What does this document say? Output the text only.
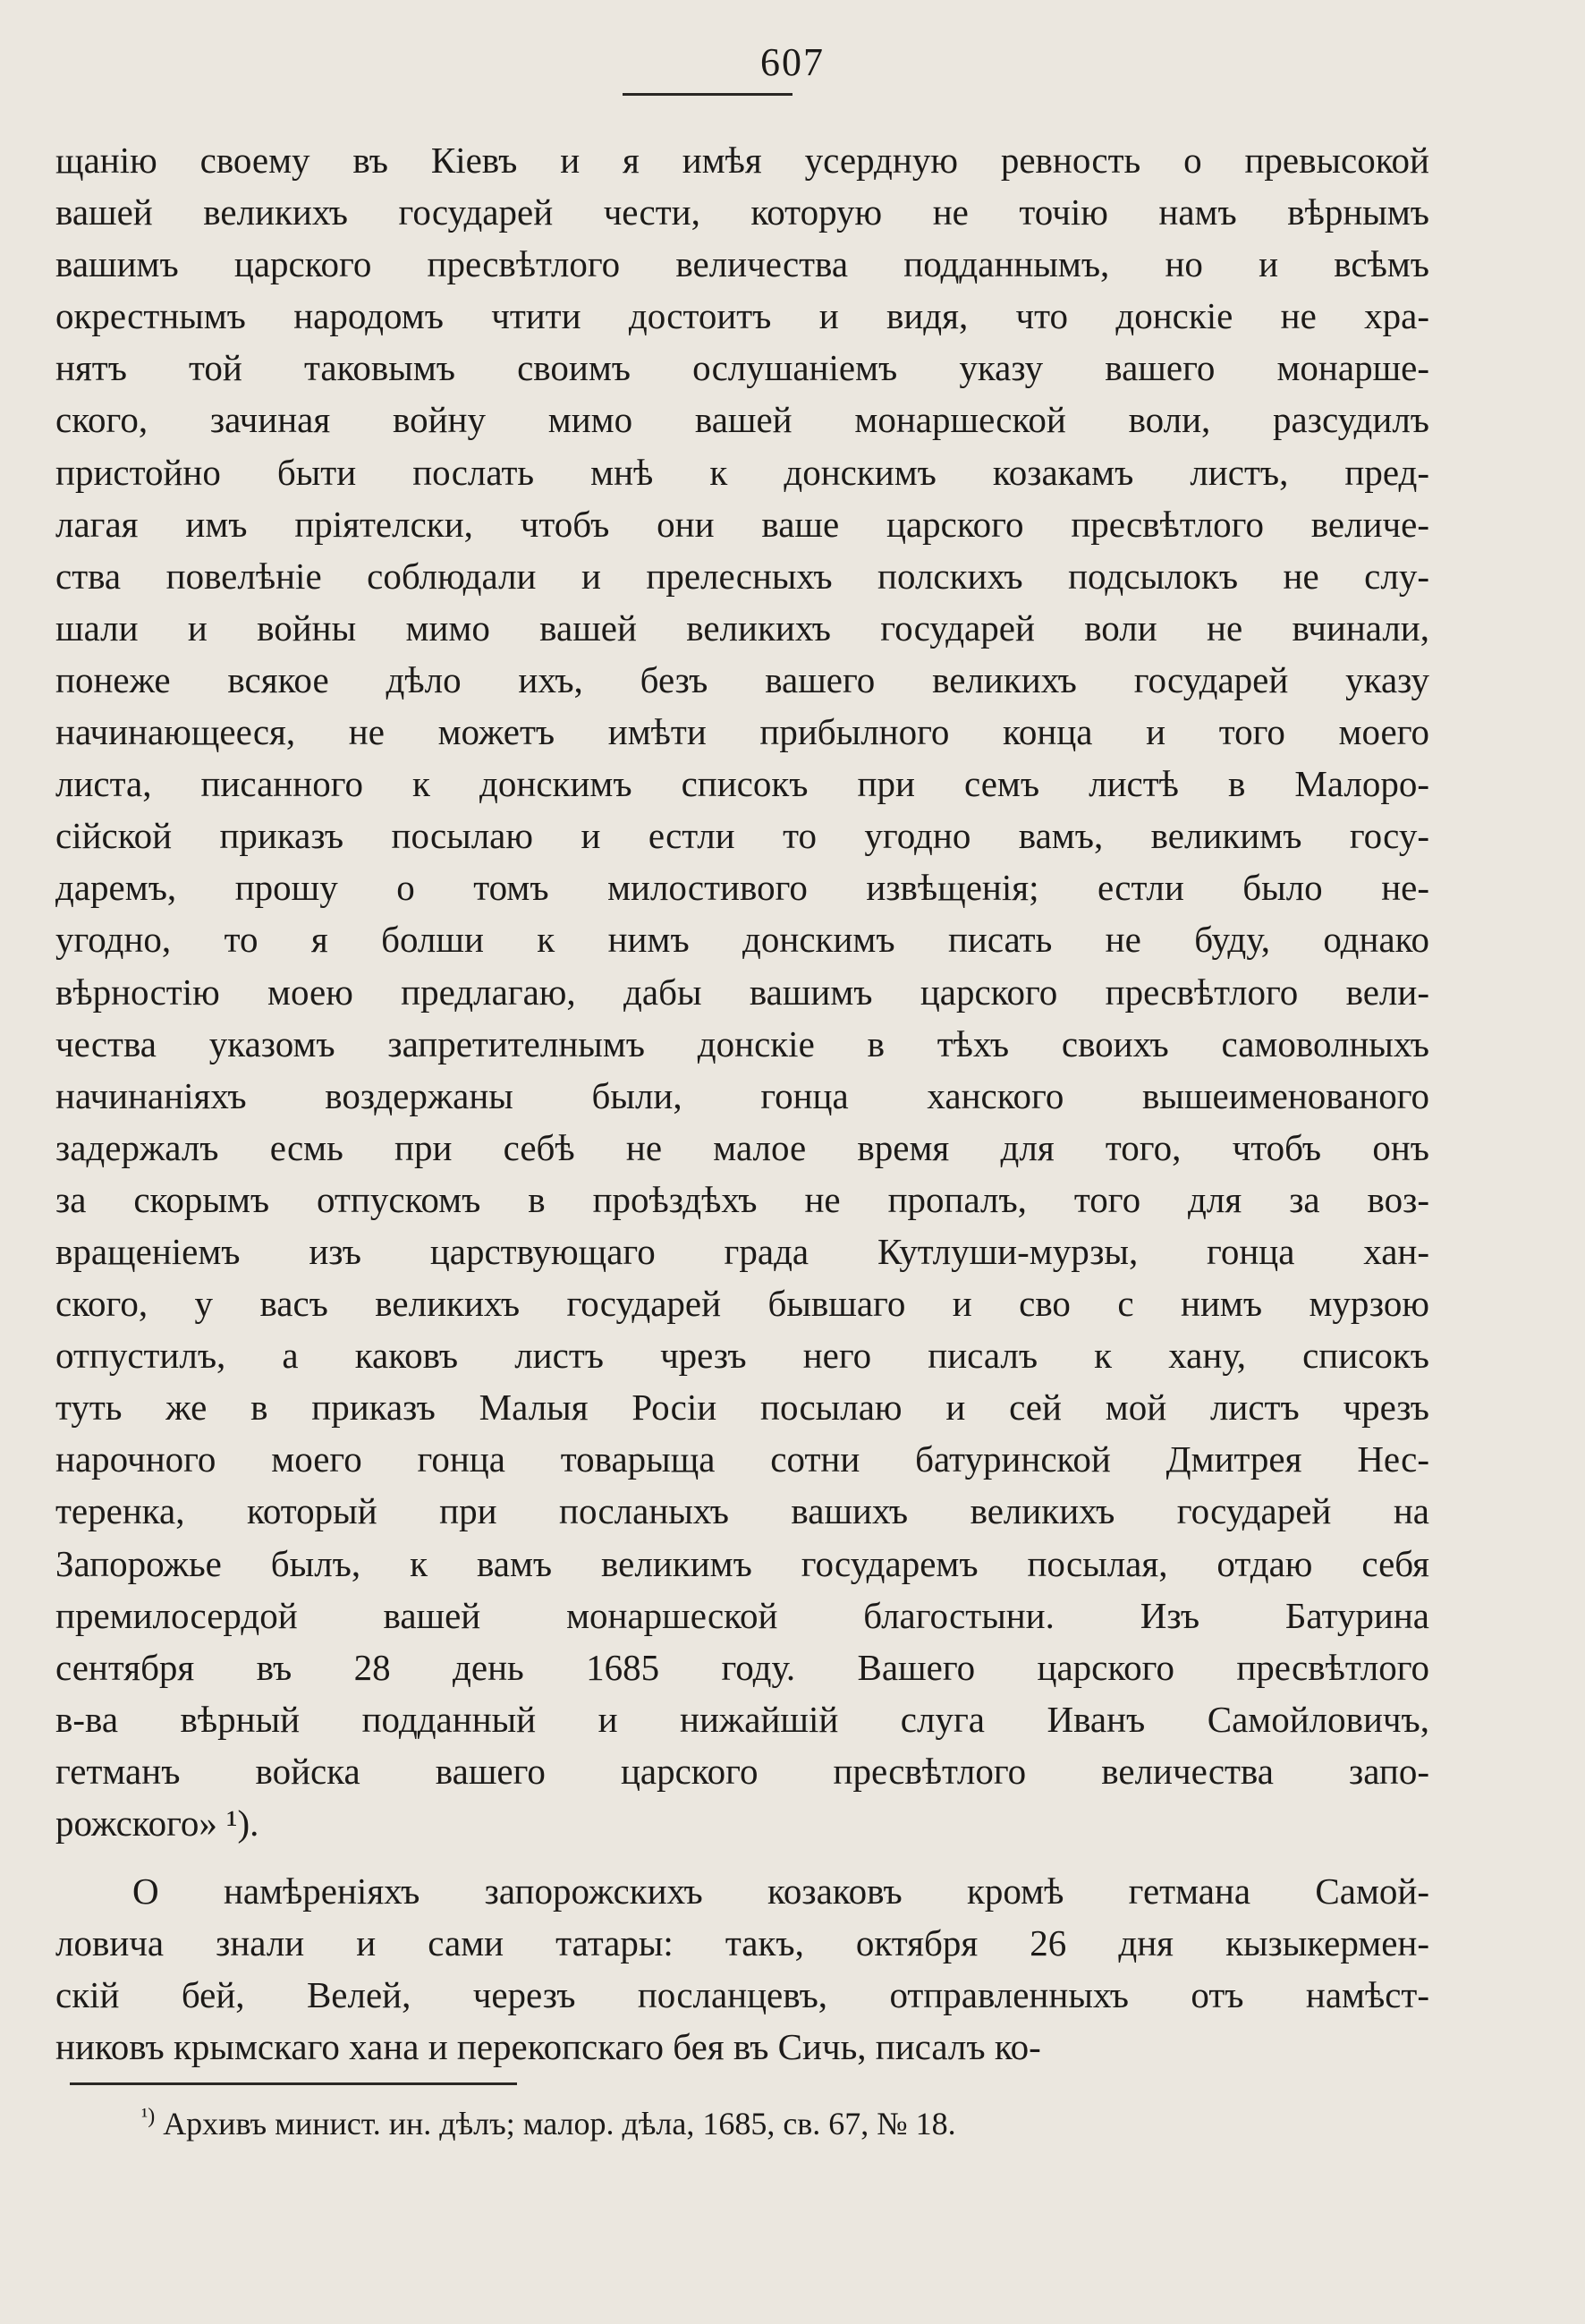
607
щанію своему въ Кіевъ и я имѣя усердную ревность о превысокой
вашей великихъ государей чести, которую не точію намъ вѣрнымъ
вашимъ царского пресвѣтлого величества подданнымъ, но и всѣмъ
окрестнымъ народомъ чтити достоитъ и видя, что донскіе не хра-
нятъ той таковымъ своимъ ослушаніемъ указу вашего монарше-
ского, зачиная войну мимо вашей монаршеской воли, разсудилъ
пристойно быти послать мнѣ к донскимъ козакамъ листъ, пред-
лагая имъ пріятелски, чтобъ они ваше царского пресвѣтлого величе-
ства повелѣніе соблюдали и прелесныхъ полскихъ подсылокъ не слу-
шали и войны мимо вашей великихъ государей воли не вчинали,
понеже всякое дѣло ихъ, безъ вашего великихъ государей указу
начинающееся, не можетъ имѣти прибылного конца и того моего
листа, писанного к донскимъ списокъ при семъ листѣ в Малоро-
сійской приказъ посылаю и естли то угодно вамъ, великимъ госу-
даремъ, прошу о томъ милостивого извѣщенія; естли было не-
угодно, то я болши к нимъ донскимъ писать не буду, однако
вѣрностію моею предлагаю, дабы вашимъ царского пресвѣтлого вели-
чества указомъ запретителнымъ донскіе в тѣхъ своихъ самоволныхъ
начинаніяхъ воздержаны были, гонца ханского вышеименованого
задержалъ есмь при себѣ не малое время для того, чтобъ онъ
за скорымъ отпускомъ в проѣздѣхъ не пропалъ, того для за воз-
вращеніемъ изъ царствующаго града Кутлуши-мурзы, гонца хан-
ского, у васъ великихъ государей бывшаго и сво с нимъ мурзою
отпустилъ, а каковъ листъ чрезъ него писалъ к хану, списокъ
туть же в приказъ Малыя Росіи посылаю и сей мой листъ чрезъ
нарочного моего гонца товарыща сотни батуринской Дмитрея Нес-
теренка, который при посланыхъ вашихъ великихъ государей на
Запорожье былъ, к вамъ великимъ государемъ посылая, отдаю себя
премилосердой вашей монаршеской благостыни. Изъ Батурина
сентября въ 28 день 1685 году. Вашего царского пресвѣтлого
в-ва вѣрный подданный и нижайшій слуга Иванъ Самойловичъ,
гетманъ войска вашего царского пресвѣтлого величества запо-
рожского» ¹).
О намѣреніяхъ запорожскихъ козаковъ кромѣ гетмана Самой-
ловича знали и сами татары: такъ, октября 26 дня кызыкермен-
скій бей, Велей, черезъ посланцевъ, отправленныхъ отъ намѣст-
никовъ крымскаго хана и перекопскаго бея въ Сичь, писалъ ко-
$^{^1)}$ Архивъ минист. ин. дѣлъ; малор. дѣла, 1685, св. 67, № 18.
